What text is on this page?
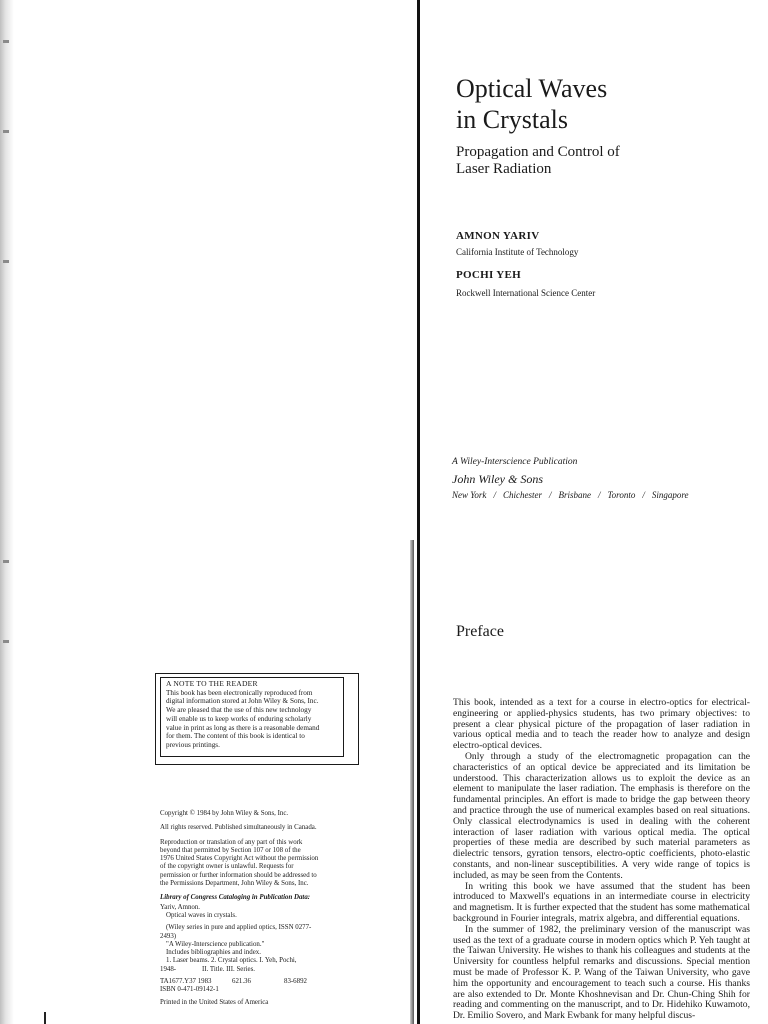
Optical Waves
in Crystals
Propagation and Control of
Laser Radiation
AMNON YARIV
California Institute of Technology
POCHI YEH
Rockwell International Science Center
A Wiley-Interscience Publication
John Wiley & Sons
New York / Chichester / Brisbane / Toronto / Singapore
Preface

This book, intended as a text for a course in electro-optics for electrical-engineering or applied-physics students, has two primary objectives: to present a clear physical picture of the propagation of laser radiation in various optical media and to teach the reader how to analyze and design electro-optical devices.

Only through a study of the electromagnetic propagation can the characteristics of an optical device be appreciated and its limitation be understood. This characterization allows us to exploit the device as an element to manipulate the laser radiation. The emphasis is therefore on the fundamental principles. An effort is made to bridge the gap between theory and practice through the use of numerical examples based on real situations. Only classical electrodynamics is used in dealing with the coherent interaction of laser radiation with various optical media. The optical properties of these media are described by such material parameters as dielectric tensors, gyration tensors, electro-optic coefficients, photo-elastic constants, and non-linear susceptibilities. A very wide range of topics is included, as may be seen from the Contents.

In writing this book we have assumed that the student has been introduced to Maxwell's equations in an intermediate course in electricity and magnetism. It is further expected that the student has some mathematical background in Fourier integrals, matrix algebra, and differential equations.

In the summer of 1982, the preliminary version of the manuscript was used as the text of a graduate course in modern optics which P. Yeh taught at the Taiwan University. He wishes to thank his colleagues and students at the University for countless helpful remarks and discussions. Special mention must be made of Professor K. P. Wang of the Taiwan University, who gave him the opportunity and encouragement to teach such a course. His thanks are also extended to Dr. Monte Khoshnevisan and Dr. Chun-Ching Shih for reading and commenting on the manuscript, and to Dr. Hidehiko Kuwamoto, Dr. Emilio Sovero, and Mark Ewbank for many helpful discus-

A NOTE TO THE READER
This book has been electronically reproduced from
digital information stored at John Wiley & Sons, Inc.
We are pleased that the use of this new technology
will enable us to keep works of enduring scholarly
value in print as long as there is a reasonable demand
for them. The content of this book is identical to
previous printings.

Copyright © 1984 by John Wiley & Sons, Inc.

All rights reserved. Published simultaneously in Canada.

Reproduction or translation of any part of this work
beyond that permitted by Section 107 or 108 of the
1976 United States Copyright Act without the permission
of the copyright owner is unlawful. Requests for
permission or further information should be addressed to
the Permissions Department, John Wiley & Sons, Inc.

Library of Congress Cataloging in Publication Data:
Yariv, Amnon.
Optical waves in crystals.
(Wiley series in pure and applied optics, ISSN 0277-
2493)
"A Wiley-Interscience publication."
Includes bibliographies and index.
1. Laser beams. 2. Crystal optics. I. Yeh, Pochi,
1948-	II. Title. III. Series.
TA1677.Y37 1983	621.36	83-6892
ISBN 0-471-09142-1
Printed in the United States of America
